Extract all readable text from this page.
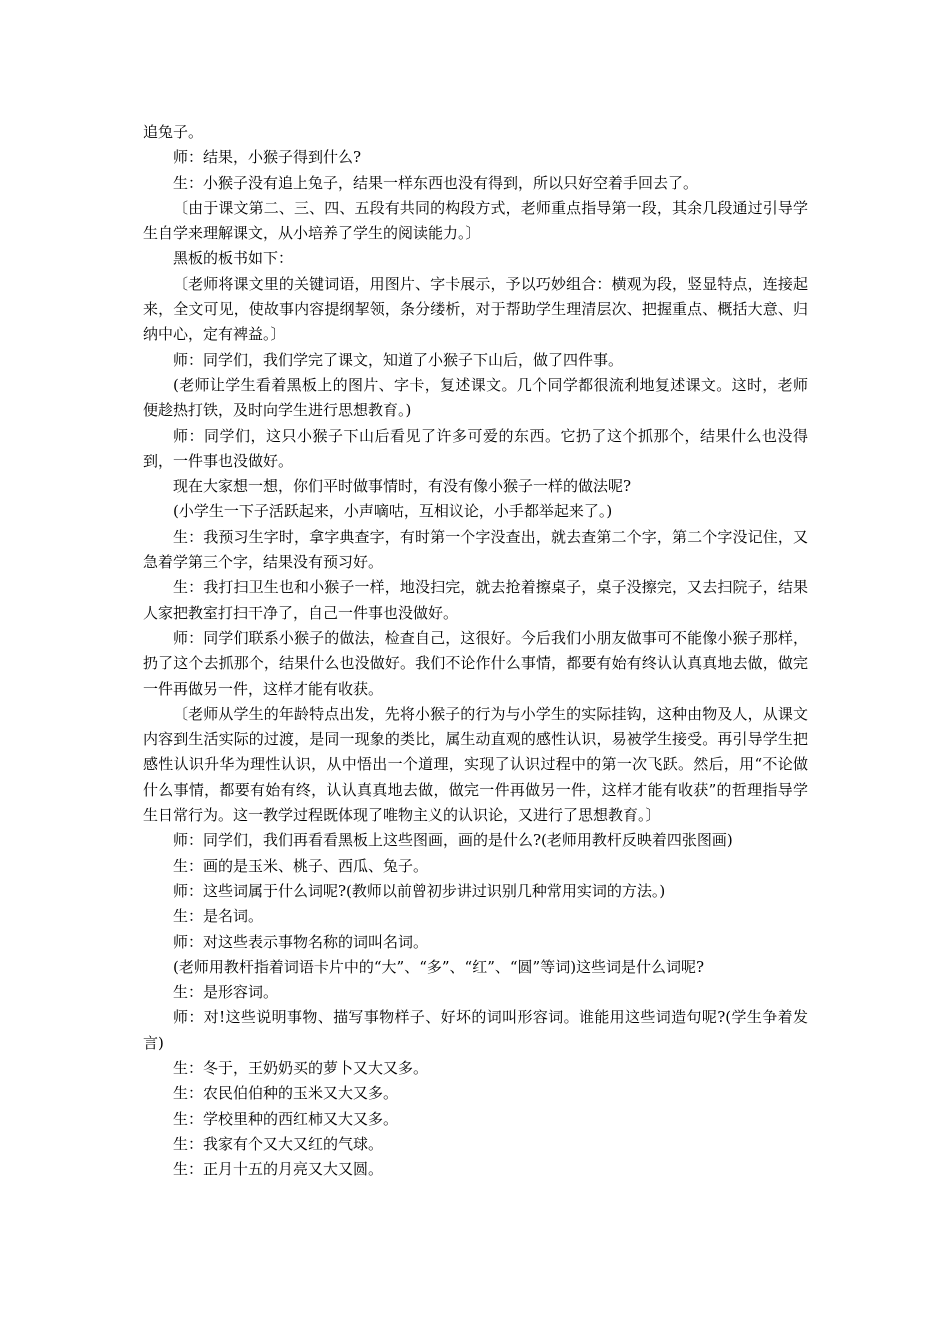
追兔子。

师：结果，小猴子得到什么?

生：小猴子没有追上兔子，结果一样东西也没有得到，所以只好空着手回去了。

〔由于课文第二、三、四、五段有共同的构段方式，老师重点指导第一段，其余几段通过引导学生自学来理解课文，从小培养了学生的阅读能力。〕

黑板的板书如下：

〔老师将课文里的关键词语，用图片、字卡展示，予以巧妙组合：横观为段，竖显特点，连接起来，全文可见，使故事内容提纲挈领，条分缕析，对于帮助学生理清层次、把握重点、概括大意、归纳中心，定有裨益。〕

师：同学们，我们学完了课文，知道了小猴子下山后，做了四件事。

(老师让学生看着黑板上的图片、字卡，复述课文。几个同学都很流利地复述课文。这时，老师便趁热打铁，及时向学生进行思想教育。)

师：同学们，这只小猴子下山后看见了许多可爱的东西。它扔了这个抓那个，结果什么也没得到，一件事也没做好。

现在大家想一想，你们平时做事情时，有没有像小猴子一样的做法呢?

(小学生一下子活跃起来，小声嘀咕，互相议论，小手都举起来了。)

生：我预习生字时，拿字典查字，有时第一个字没查出，就去查第二个字，第二个字没记住，又急着学第三个字，结果没有预习好。

生：我打扫卫生也和小猴子一样，地没扫完，就去抢着擦桌子，桌子没擦完，又去扫院子，结果人家把教室打扫干净了，自己一件事也没做好。

师：同学们联系小猴子的做法，检查自己，这很好。今后我们小朋友做事可不能像小猴子那样，扔了这个去抓那个，结果什么也没做好。我们不论作什么事情，都要有始有终认认真真地去做，做完一件再做另一件，这样才能有收获。

〔老师从学生的年龄特点出发，先将小猴子的行为与小学生的实际挂钩，这种由物及人，从课文内容到生活实际的过渡，是同一现象的类比，属生动直观的感性认识，易被学生接受。再引导学生把感性认识升华为理性认识，从中悟出一个道理，实现了认识过程中的第一次飞跃。然后，用“不论做什么事情，都要有始有终，认认真真地去做，做完一件再做另一件，这样才能有收获”的哲理指导学生日常行为。这一教学过程既体现了唯物主义的认识论，又进行了思想教育。〕

师：同学们，我们再看看黑板上这些图画，画的是什么?(老师用教杆反映着四张图画)

生：画的是玉米、桃子、西瓜、兔子。

师：这些词属于什么词呢?(教师以前曾初步讲过识别几种常用实词的方法。)

生：是名词。

师：对这些表示事物名称的词叫名词。

(老师用教杆指着词语卡片中的“大”、“多”、“红”、“圆”等词)这些词是什么词呢?

生：是形容词。

师：对!这些说明事物、描写事物样子、好坏的词叫形容词。谁能用这些词造句呢?(学生争着发言)

生：冬于，王奶奶买的萝卜又大又多。

生：农民伯伯种的玉米又大又多。

生：学校里种的西红柿又大又多。

生：我家有个又大又红的气球。

生：正月十五的月亮又大又圆。
